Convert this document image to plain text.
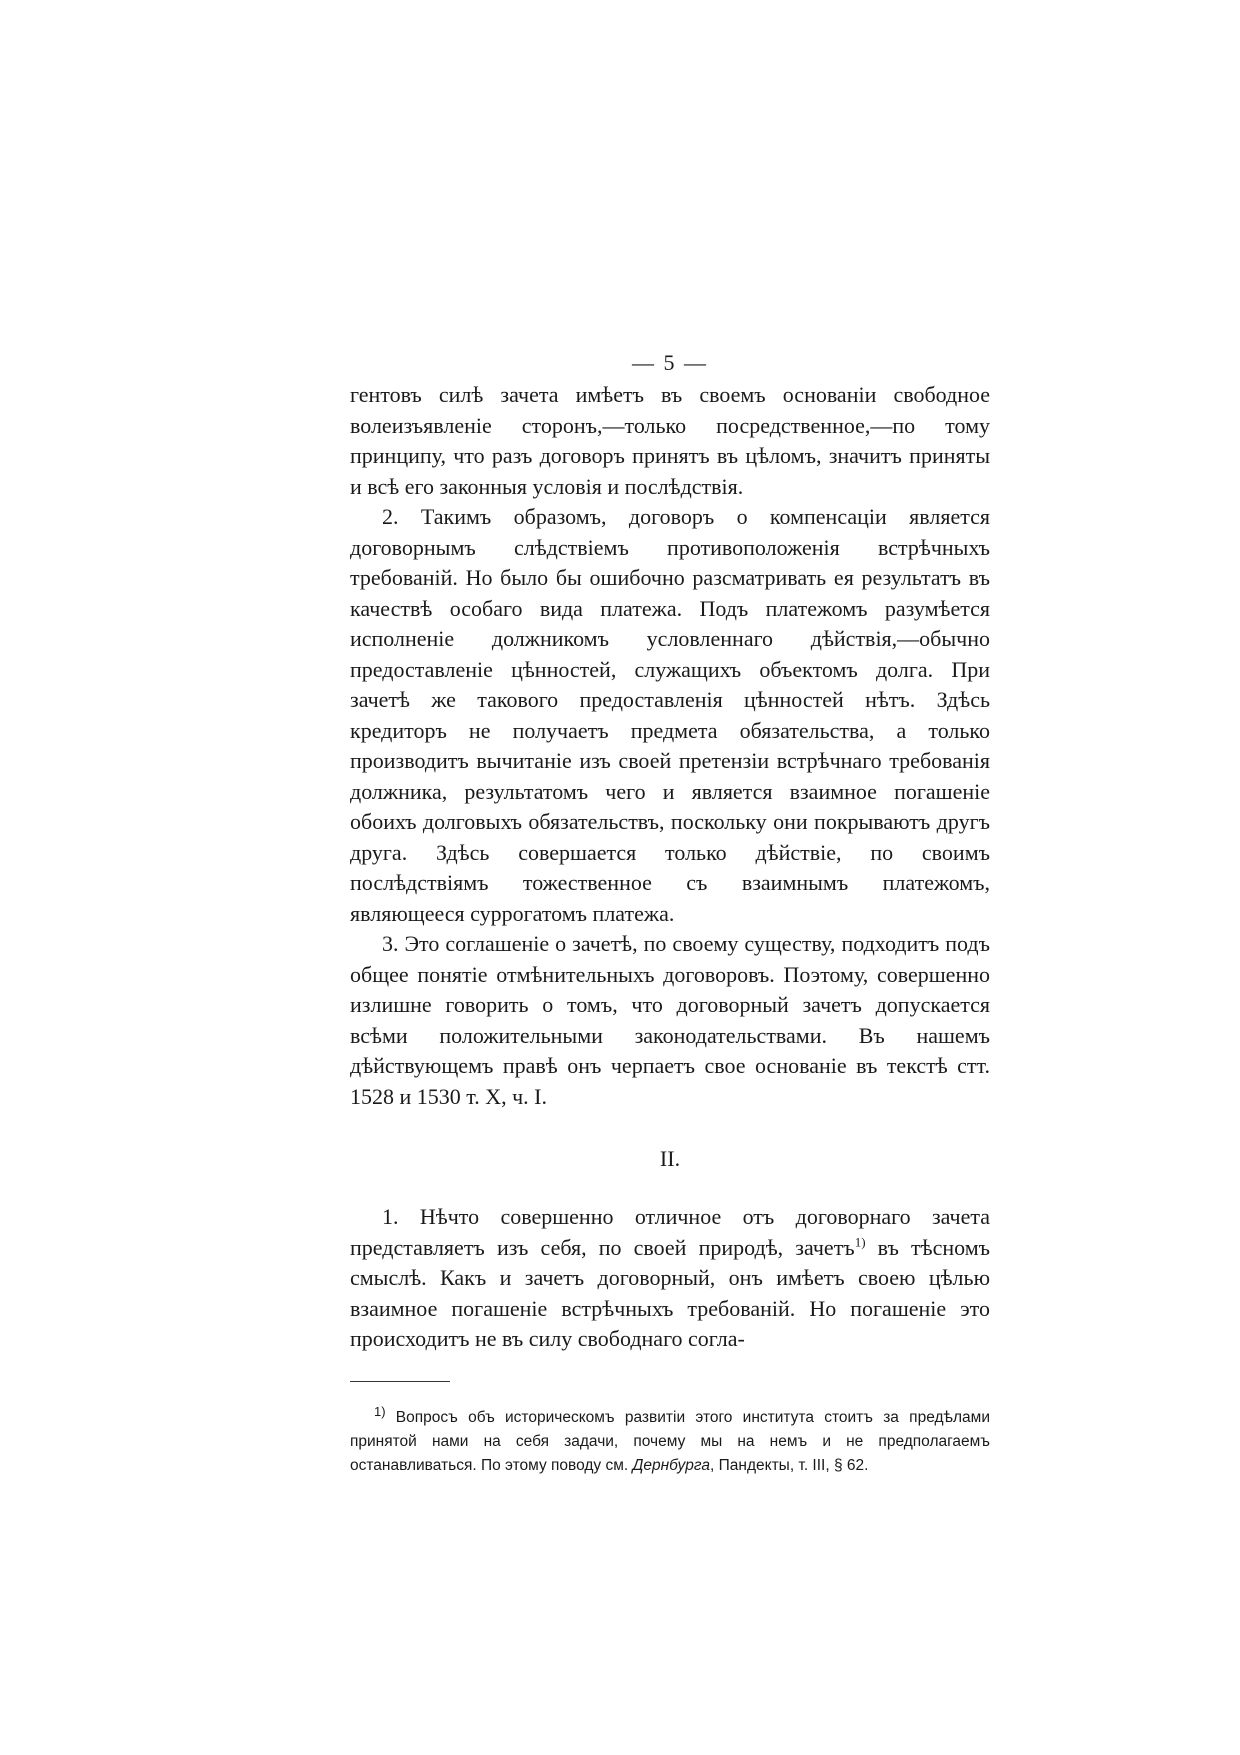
— 5 —

гентовъ силѣ зачета имѣетъ въ своемъ основаніи свободное волеизъявленіе сторонъ,—только посредственное,—по тому принципу, что разъ договоръ принятъ въ цѣломъ, значитъ приняты и всѣ его законныя условія и послѣдствія.

2. Такимъ образомъ, договоръ о компенсаціи является договорнымъ слѣдствіемъ противоположенія встрѣчныхъ требованій. Но было бы ошибочно разсматривать ея результатъ въ качествѣ особаго вида платежа. Подъ платежомъ разумѣется исполненіе должникомъ условленнаго дѣйствія,—обычно предоставленіе цѣнностей, служащихъ объектомъ долга. При зачетѣ же такового предоставленія цѣнностей нѣтъ. Здѣсь кредиторъ не получаетъ предмета обязательства, а только производитъ вычитаніе изъ своей претензіи встрѣчнаго требованія должника, результатомъ чего и является взаимное погашеніе обоихъ долговыхъ обязательствъ, поскольку они покрываютъ другъ друга. Здѣсь совершается только дѣйствіе, по своимъ послѣдствіямъ тожественное съ взаимнымъ платежомъ, являющееся суррогатомъ платежа.

3. Это соглашеніе о зачетѣ, по своему существу, подходитъ подъ общее понятіе отмѣнительныхъ договоровъ. Поэтому, совершенно излишне говорить о томъ, что договорный зачетъ допускается всѣми положительными законодательствами. Въ нашемъ дѣйствующемъ правѣ онъ черпаетъ свое основаніе въ текстѣ стт. 1528 и 1530 т. X, ч. I.

II.

1. Нѣчто совершенно отличное отъ договорнаго зачета представляетъ изъ себя, по своей природѣ, зачетъ$^{1)}$ въ тѣсномъ смыслѣ. Какъ и зачетъ договорный, онъ имѣетъ своею цѣлью взаимное погашеніе встрѣчныхъ требованій. Но погашеніе это происходитъ не въ силу свободнаго согла-

$^{1)}$ Вопросъ объ историческомъ развитіи этого института стоитъ за предѣлами принятой нами на себя задачи, почему мы на немъ и не предполагаемъ останавливаться. По этому поводу см. Дернбурга, Пандекты, т. III, § 62.
